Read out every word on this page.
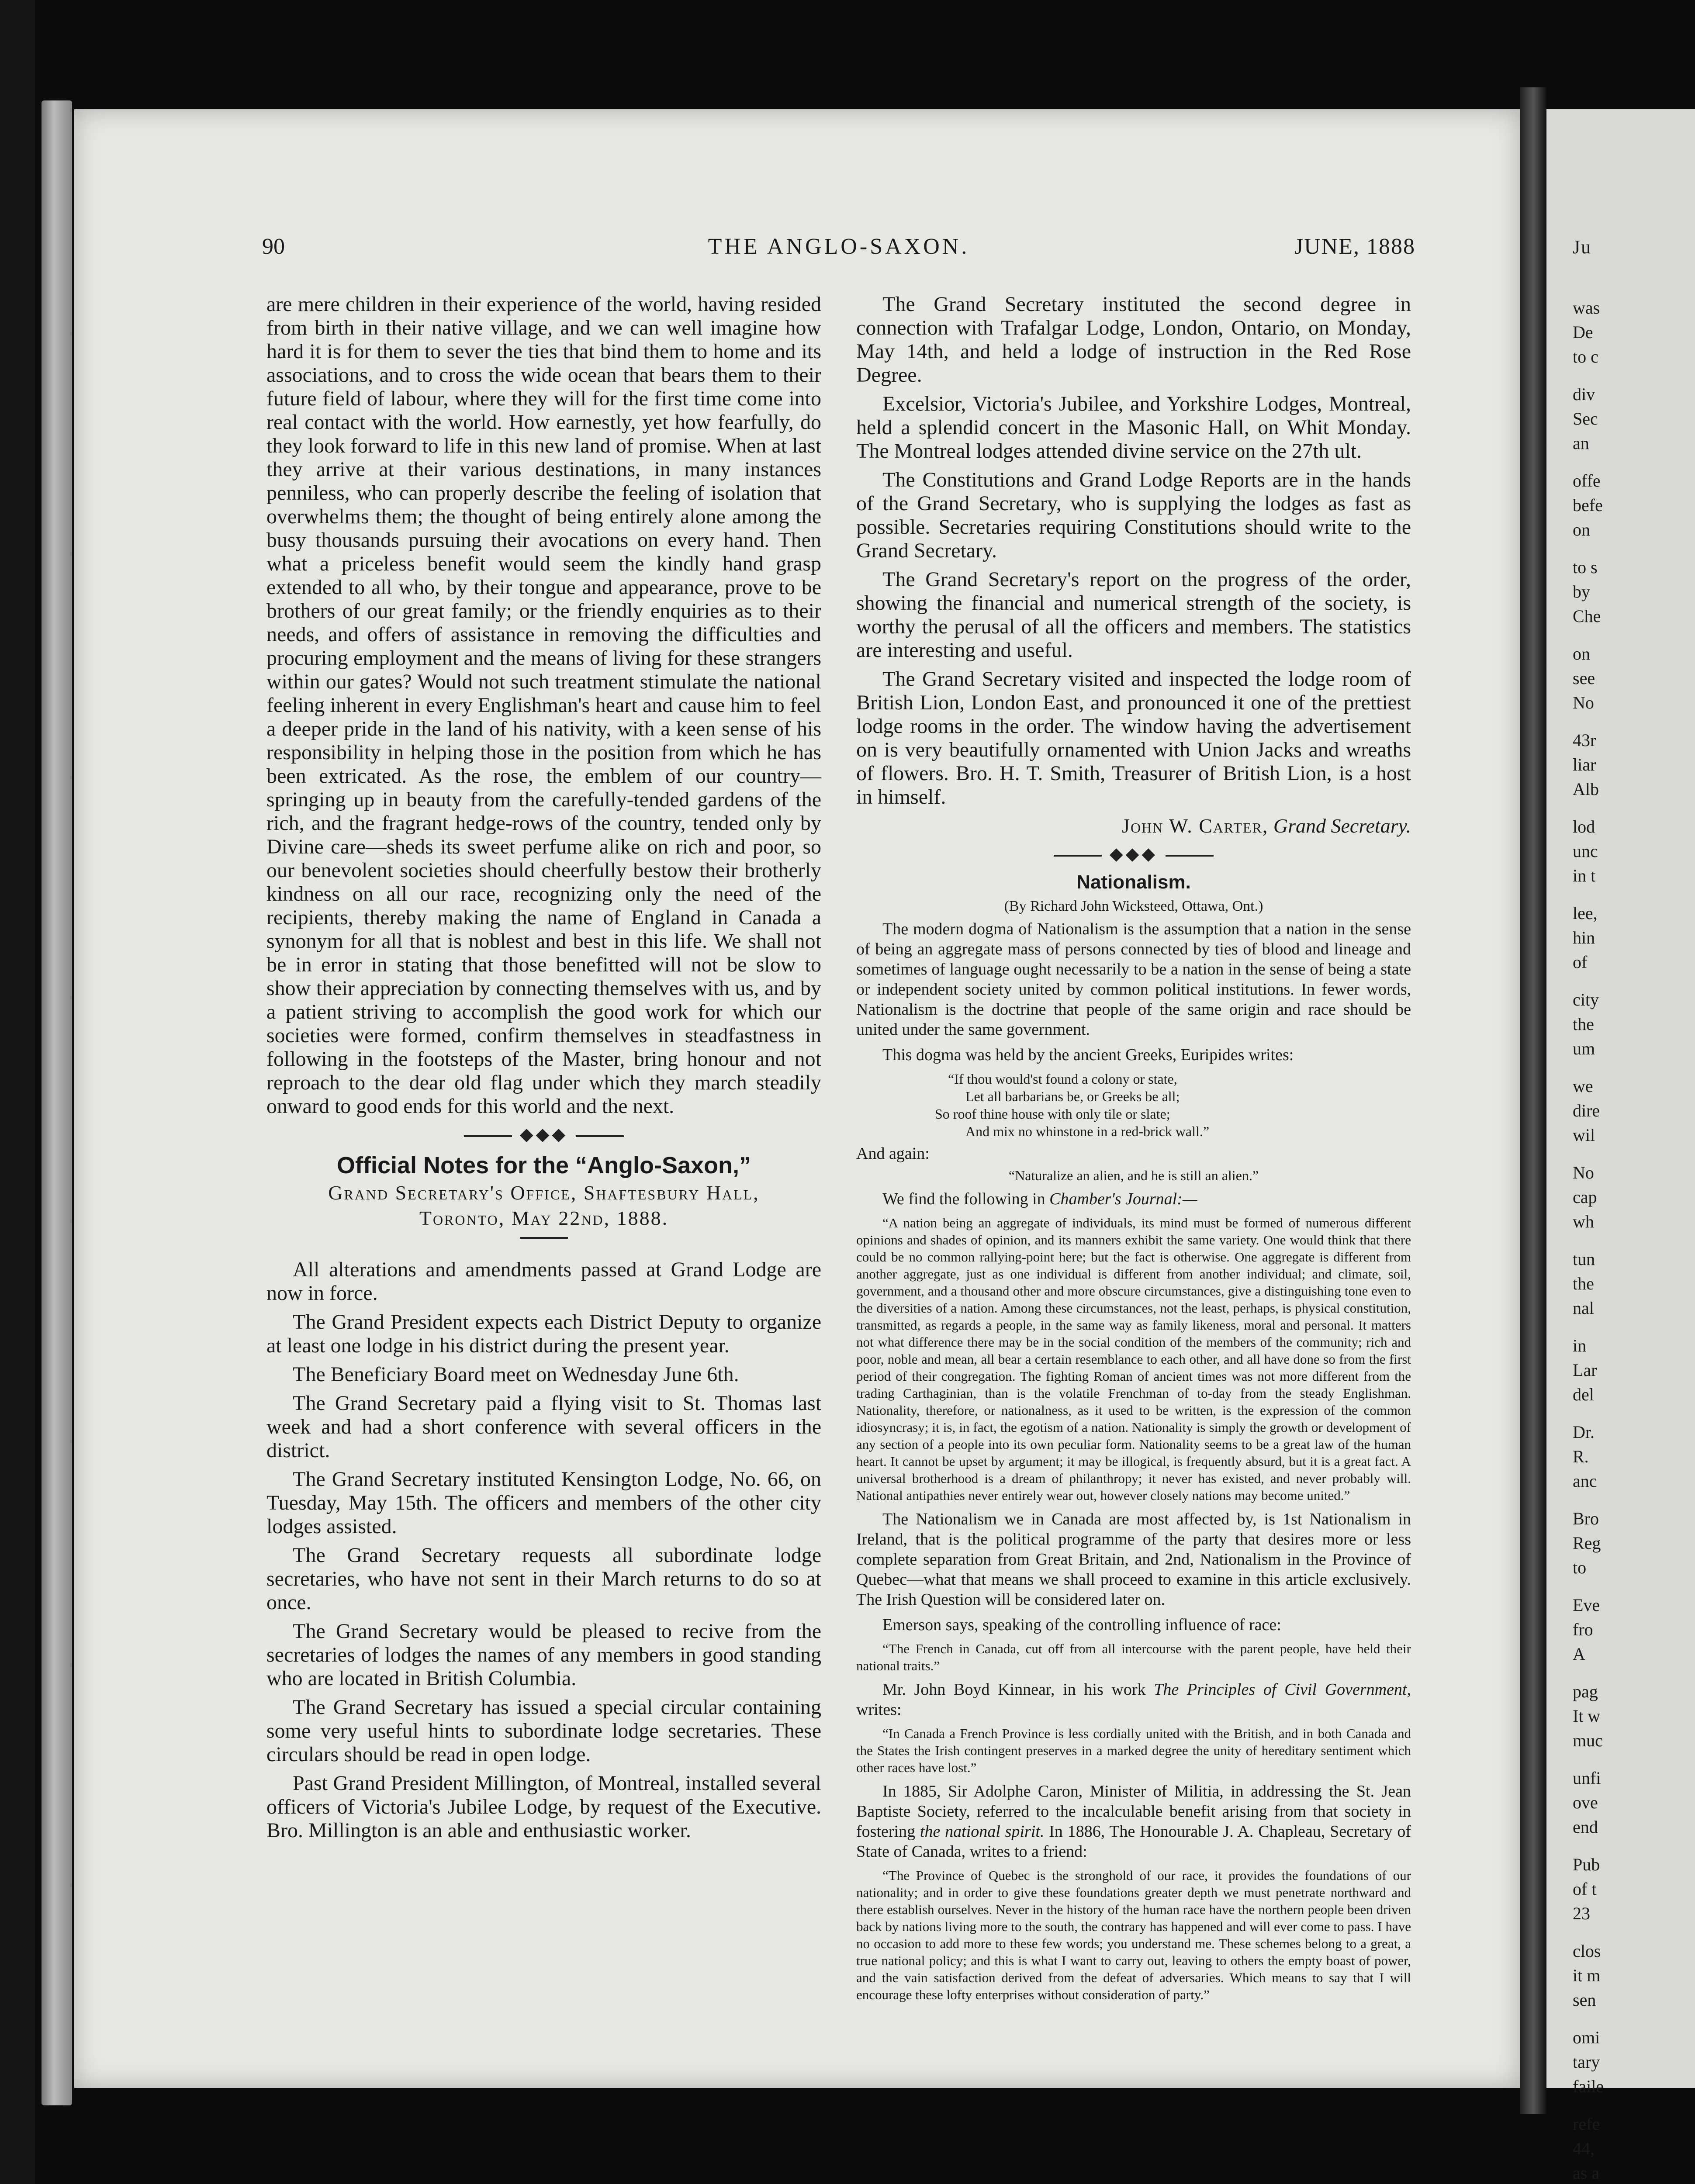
90	THE ANGLO-SAXON.	JUNE, 1888

are mere children in their experience of the world, having resided from birth in their native village, and we can well imagine how hard it is for them to sever the ties that bind them to home and its associations, and to cross the wide ocean that bears them to their future field of labour, where they will for the first time come into real contact with the world. How earnestly, yet how fearfully, do they look forward to life in this new land of promise. When at last they arrive at their various destinations, in many instances penniless, who can properly describe the feeling of isolation that overwhelms them; the thought of being entirely alone among the busy thousands pursuing their avocations on every hand. Then what a priceless benefit would seem the kindly hand grasp extended to all who, by their tongue and appearance, prove to be brothers of our great family; or the friendly enquiries as to their needs, and offers of assistance in removing the difficulties and procuring employment and the means of living for these strangers within our gates? Would not such treatment stimulate the national feeling inherent in every Englishman's heart and cause him to feel a deeper pride in the land of his nativity, with a keen sense of his responsibility in helping those in the position from which he has been extricated. As the rose, the emblem of our country—springing up in beauty from the carefully-tended gardens of the rich, and the fragrant hedge-rows of the country, tended only by Divine care—sheds its sweet perfume alike on rich and poor, so our benevolent societies should cheerfully bestow their brotherly kindness on all our race, recognizing only the need of the recipients, thereby making the name of England in Canada a synonym for all that is noblest and best in this life. We shall not be in error in stating that those benefitted will not be slow to show their appreciation by connecting themselves with us, and by a patient striving to accomplish the good work for which our societies were formed, confirm themselves in steadfastness in following in the footsteps of the Master, bring honour and not reproach to the dear old flag under which they march steadily onward to good ends for this world and the next.

◆◆◆

Official Notes for the “Anglo-Saxon,”

Grand Secretary's Office, Shaftesbury Hall,

Toronto, May 22nd, 1888.

All alterations and amendments passed at Grand Lodge are now in force.

The Grand President expects each District Deputy to organize at least one lodge in his district during the present year.

The Beneficiary Board meet on Wednesday June 6th.

The Grand Secretary paid a flying visit to St. Thomas last week and had a short conference with several officers in the district.

The Grand Secretary instituted Kensington Lodge, No. 66, on Tuesday, May 15th. The officers and members of the other city lodges assisted.

The Grand Secretary requests all subordinate lodge secretaries, who have not sent in their March returns to do so at once.

The Grand Secretary would be pleased to recive from the secretaries of lodges the names of any members in good standing who are located in British Columbia.

The Grand Secretary has issued a special circular containing some very useful hints to subordinate lodge secretaries. These circulars should be read in open lodge.

Past Grand President Millington, of Montreal, installed several officers of Victoria's Jubilee Lodge, by request of the Executive. Bro. Millington is an able and enthusiastic worker.

The Grand Secretary instituted the second degree in connection with Trafalgar Lodge, London, Ontario, on Monday, May 14th, and held a lodge of instruction in the Red Rose Degree.

Excelsior, Victoria's Jubilee, and Yorkshire Lodges, Montreal, held a splendid concert in the Masonic Hall, on Whit Monday. The Montreal lodges attended divine service on the 27th ult.

The Constitutions and Grand Lodge Reports are in the hands of the Grand Secretary, who is supplying the lodges as fast as possible. Secretaries requiring Constitutions should write to the Grand Secretary.

The Grand Secretary's report on the progress of the order, showing the financial and numerical strength of the society, is worthy the perusal of all the officers and members. The statistics are interesting and useful.

The Grand Secretary visited and inspected the lodge room of British Lion, London East, and pronounced it one of the prettiest lodge rooms in the order. The window having the advertisement on is very beautifully ornamented with Union Jacks and wreaths of flowers. Bro. H. T. Smith, Treasurer of British Lion, is a host in himself.

John W. Carter, Grand Secretary.

◆◆◆

Nationalism.

(By Richard John Wicksteed, Ottawa, Ont.)

The modern dogma of Nationalism is the assumption that a nation in the sense of being an aggregate mass of persons connected by ties of blood and lineage and sometimes of language ought necessarily to be a nation in the sense of being a state or independent society united by common political institutions. In fewer words, Nationalism is the doctrine that people of the same origin and race should be united under the same government.

This dogma was held by the ancient Greeks, Euripides writes:

“If thou would'st found a colony or state,
Let all barbarians be, or Greeks be all;
So roof thine house with only tile or slate;
And mix no whinstone in a red-brick wall.”

And again:

“Naturalize an alien, and he is still an alien.”

We find the following in Chamber's Journal:—

“A nation being an aggregate of individuals, its mind must be formed of numerous different opinions and shades of opinion, and its manners exhibit the same variety. One would think that there could be no common rallying-point here; but the fact is otherwise. One aggregate is different from another aggregate, just as one individual is different from another individual; and climate, soil, government, and a thousand other and more obscure circumstances, give a distinguishing tone even to the diversities of a nation. Among these circumstances, not the least, perhaps, is physical constitution, transmitted, as regards a people, in the same way as family likeness, moral and personal. It matters not what difference there may be in the social condition of the members of the community; rich and poor, noble and mean, all bear a certain resemblance to each other, and all have done so from the first period of their congregation. The fighting Roman of ancient times was not more different from the trading Carthaginian, than is the volatile Frenchman of to-day from the steady Englishman. Nationality, therefore, or nationalness, as it used to be written, is the expression of the common idiosyncrasy; it is, in fact, the egotism of a nation. Nationality is simply the growth or development of any section of a people into its own peculiar form. Nationality seems to be a great law of the human heart. It cannot be upset by argument; it may be illogical, is frequently absurd, but it is a great fact. A universal brotherhood is a dream of philanthropy; it never has existed, and never probably will. National antipathies never entirely wear out, however closely nations may become united.”

The Nationalism we in Canada are most affected by, is 1st Nationalism in Ireland, that is the political programme of the party that desires more or less complete separation from Great Britain, and 2nd, Nationalism in the Province of Quebec—what that means we shall proceed to examine in this article exclusively. The Irish Question will be considered later on.

Emerson says, speaking of the controlling influence of race:

“The French in Canada, cut off from all intercourse with the parent people, have held their national traits.”

Mr. John Boyd Kinnear, in his work The Principles of Civil Government, writes:

“In Canada a French Province is less cordially united with the British, and in both Canada and the States the Irish contingent preserves in a marked degree the unity of hereditary sentiment which other races have lost.”

In 1885, Sir Adolphe Caron, Minister of Militia, in addressing the St. Jean Baptiste Society, referred to the incalculable benefit arising from that society in fostering the national spirit. In 1886, The Honourable J. A. Chapleau, Secretary of State of Canada, writes to a friend:

“The Province of Quebec is the stronghold of our race, it provides the foundations of our nationality; and in order to give these foundations greater depth we must penetrate northward and there establish ourselves. Never in the history of the human race have the northern people been driven back by nations living more to the south, the contrary has happened and will ever come to pass. I have no occasion to add more to these few words; you understand me. These schemes belong to a great, a true national policy; and this is what I want to carry out, leaving to others the empty boast of power, and the vain satisfaction derived from the defeat of adversaries. Which means to say that I will encourage these lofty enterprises without consideration of party.”

Ju
was
De
to c
div
Sec
an
offe
befe
on
to s
by
Che
on
see
No
43r
liar
Alb
lod
unc
in t
lee,
hin
of
city
the
um
we
dire
wil
No
cap
wh
tun
the
nal
in
Lar
del
Dr.
R.
anc
Bro
Reg
to
Eve
fro
A
pag
It w
muc
unfi
ove
end
Pub
of t
23
clos
it m
sen
omi
tary
faile
refe
44,
as a
